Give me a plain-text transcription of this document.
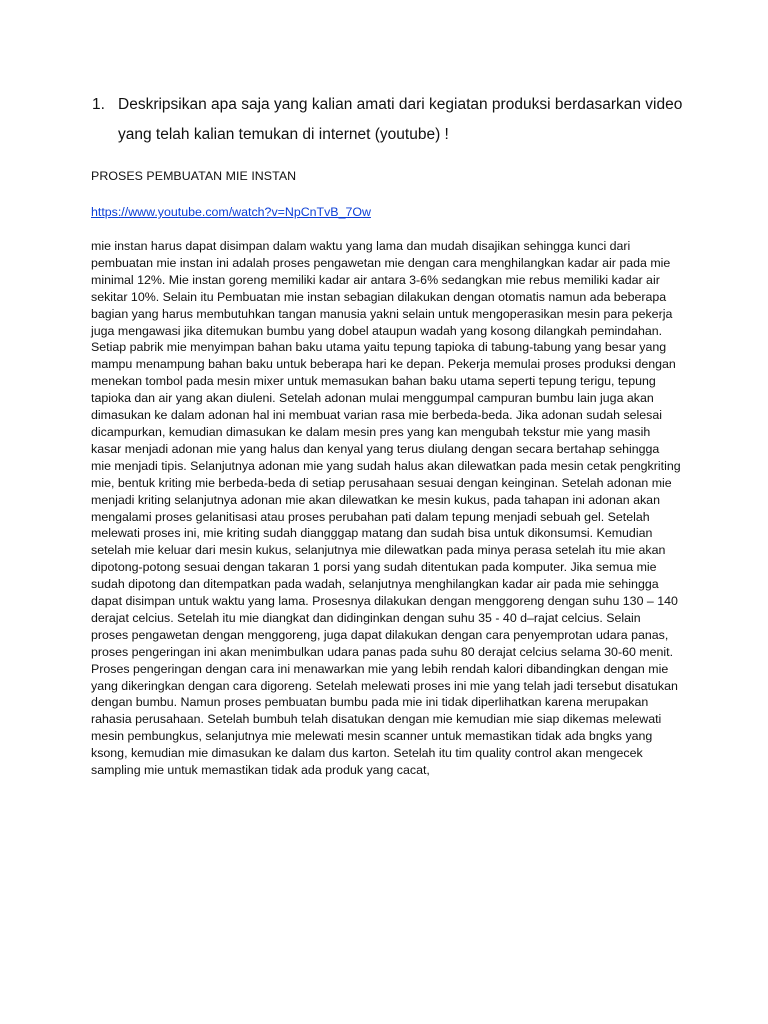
1. Deskripsikan apa saja yang kalian amati dari kegiatan produksi berdasarkan video yang telah kalian temukan di internet (youtube) !
PROSES PEMBUATAN MIE INSTAN
https://www.youtube.com/watch?v=NpCnTvB_7Ow

mie instan harus dapat disimpan dalam waktu yang lama dan mudah disajikan sehingga kunci dari pembuatan mie instan ini adalah proses pengawetan mie dengan cara menghilangkan kadar air pada mie minimal 12%. Mie instan goreng memiliki kadar air antara 3-6% sedangkan mie rebus memiliki kadar air sekitar 10%. Selain itu Pembuatan mie instan sebagian dilakukan dengan otomatis namun ada beberapa bagian yang harus membutuhkan tangan manusia yakni selain untuk mengoperasikan mesin para pekerja juga mengawasi jika ditemukan bumbu yang dobel ataupun wadah yang kosong dilangkah pemindahan.

Setiap pabrik mie menyimpan bahan baku utama yaitu tepung tapioka di tabung-tabung yang besar yang mampu menampung bahan baku untuk beberapa hari ke depan. Pekerja memulai proses produksi dengan menekan tombol pada mesin mixer untuk memasukan bahan baku utama seperti tepung terigu, tepung tapioka dan air yang akan diuleni. Setelah adonan mulai menggumpal campuran bumbu lain juga akan dimasukan ke dalam adonan hal ini membuat varian rasa mie berbeda-beda. Jika adonan sudah selesai dicampurkan, kemudian dimasukan ke dalam mesin pres yang kan mengubah tekstur mie yang masih kasar menjadi adonan mie yang halus dan kenyal yang terus diulang dengan secara bertahap sehingga mie menjadi tipis. Selanjutnya adonan mie yang sudah halus akan dilewatkan pada mesin cetak pengkriting mie, bentuk kriting mie berbeda-beda di setiap perusahaan sesuai dengan keinginan. Setelah adonan mie menjadi kriting selanjutnya adonan mie akan dilewatkan ke mesin kukus, pada tahapan ini adonan akan mengalami proses gelanitisasi atau proses perubahan pati dalam tepung menjadi sebuah gel. Setelah melewati proses ini, mie kriting sudah diangggap matang dan sudah bisa untuk dikonsumsi. Kemudian setelah mie keluar dari mesin kukus, selanjutnya mie dilewatkan pada minya perasa setelah itu mie akan dipotong-potong sesuai dengan takaran 1 porsi yang sudah ditentukan pada komputer. Jika semua mie sudah dipotong dan ditempatkan pada wadah, selanjutnya menghilangkan kadar air pada mie sehingga dapat disimpan untuk waktu yang lama. Prosesnya dilakukan dengan menggoreng dengan suhu 130 – 140 derajat celcius. Setelah itu mie diangkat dan didinginkan dengan suhu 35 - 40 d–rajat celcius. Selain proses pengawetan dengan menggoreng, juga dapat dilakukan dengan cara penyemprotan udara panas, proses pengeringan ini akan menimbulkan udara panas pada suhu 80 derajat celcius selama 30-60 menit. Proses pengeringan dengan cara ini menawarkan mie yang lebih rendah kalori dibandingkan dengan mie yang dikeringkan dengan cara digoreng. Setelah melewati proses ini mie yang telah jadi tersebut disatukan dengan bumbu. Namun proses pembuatan bumbu pada mie ini tidak diperlihatkan karena merupakan rahasia perusahaan. Setelah bumbuh telah disatukan dengan mie kemudian mie siap dikemas melewati mesin pembungkus, selanjutnya mie melewati mesin scanner untuk memastikan tidak ada bngks yang ksong, kemudian mie dimasukan ke dalam dus karton. Setelah itu tim quality control akan mengecek sampling mie untuk memastikan tidak ada produk yang cacat,
